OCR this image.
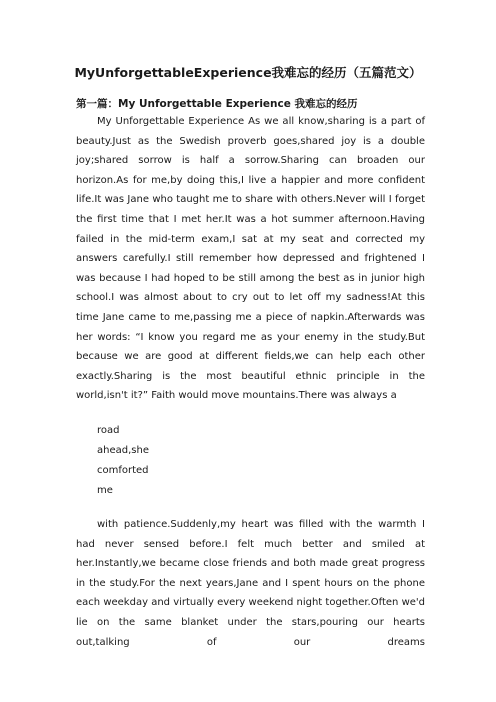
MyUnforgettableExperience我难忘的经历（五篇范文）
第一篇：My Unforgettable Experience 我难忘的经历

My Unforgettable Experience As we all know,sharing is a part of beauty.Just as the Swedish proverb goes,shared joy is a double joy;shared sorrow is half a sorrow.Sharing can broaden our horizon.As for me,by doing this,I live a happier and more confident life.It was Jane who taught me to share with others.Never will I forget the first time that I met her.It was a hot summer afternoon.Having failed in the mid-term exam,I sat at my seat and corrected my answers carefully.I still remember how depressed and frightened I was because I had hoped to be still among the best as in junior high school.I was almost about to cry out to let off my sadness!At this time Jane came to me,passing me a piece of napkin.Afterwards was her words: “I know you regard me as your enemy in the study.But because we are good at different fields,we can help each other exactly.Sharing is the most beautiful ethnic principle in the world,isn't it?” Faith would move mountains.There was always a

road
ahead,she
comforted
me

with patience.Suddenly,my heart was filled with the warmth I had never sensed before.I felt much better and smiled at her.Instantly,we became close friends and both made great progress in the study.For the next years,Jane and I spent hours on the phone each weekday and virtually every weekend night together.Often we'd lie on the same blanket under the stars,pouring our hearts out,talking of our dreams
